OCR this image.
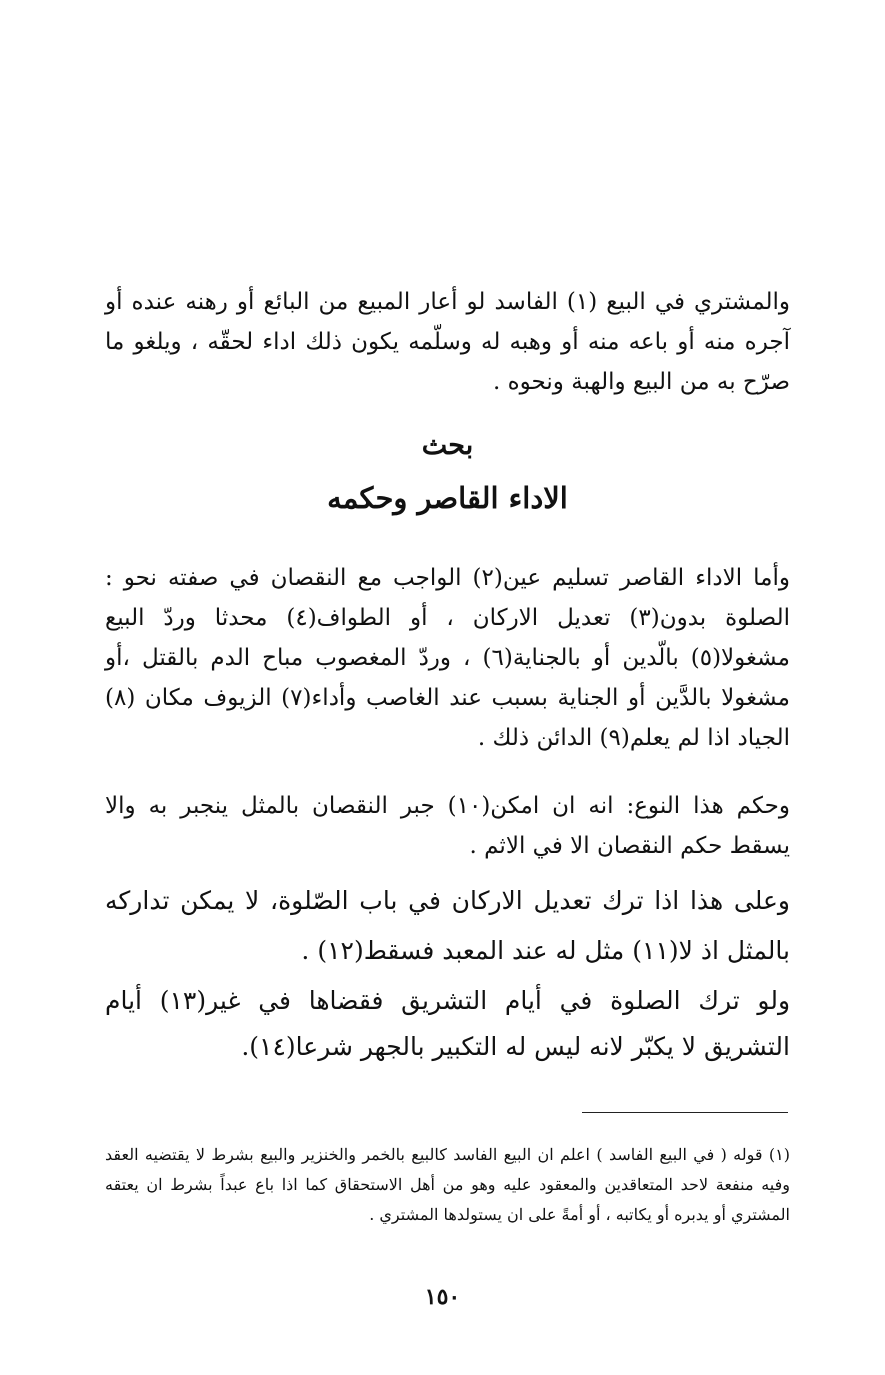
والمشتري في البيع (١) الفاسد لو أعار المبيع من البائع أو رهنه عنده أو آجره منه أو باعه منه أو وهبه له وسلّمه يكون ذلك اداء لحقّه ، ويلغو ما صرّح به من البيع والهبة ونحوه .

بحث
الاداء القاصر وحكمه

وأما الاداء القاصر تسليم عين(٢) الواجب مع النقصان في صفته نحو : الصلوة بدون(٣) تعديل الاركان ، أو الطواف(٤) محدثا وردّ البيع مشغولا(٥) بالّدين أو بالجناية(٦) ، وردّ المغصوب مباح الدم بالقتل ،أو مشغولا بالدَّين أو الجناية بسبب عند الغاصب وأداء(٧) الزيوف مكان (٨) الجياد اذا لم يعلم(٩) الدائن ذلك .

وحكم هذا النوع: انه ان امكن(١٠) جبر النقصان بالمثل ينجبر به والا يسقط حكم النقصان الا في الاثم .

وعلى هذا اذا ترك تعديل الاركان في باب الصّلوة، لا يمكن تداركه بالمثل اذ لا(١١) مثل له عند المعبد فسقط(١٢) .

ولو ترك الصلوة في أيام التشريق فقضاها في غير(١٣) أيام التشريق لا يكبّر لانه ليس له التكبير بالجهر شرعا(١٤).

(١) قوله ( في البيع الفاسد ) اعلم ان البيع الفاسد كالبيع بالخمر والخنزير والبيع بشرط لا يقتضيه العقد وفيه منفعة لاحد المتعاقدين والمعقود عليه وهو من أهل الاستحقاق كما اذا باع عبداً بشرط ان يعتقه المشتري أو يدبره أو يكاتبه ، أو أمةً على ان يستولدها المشتري .

١٥٠
